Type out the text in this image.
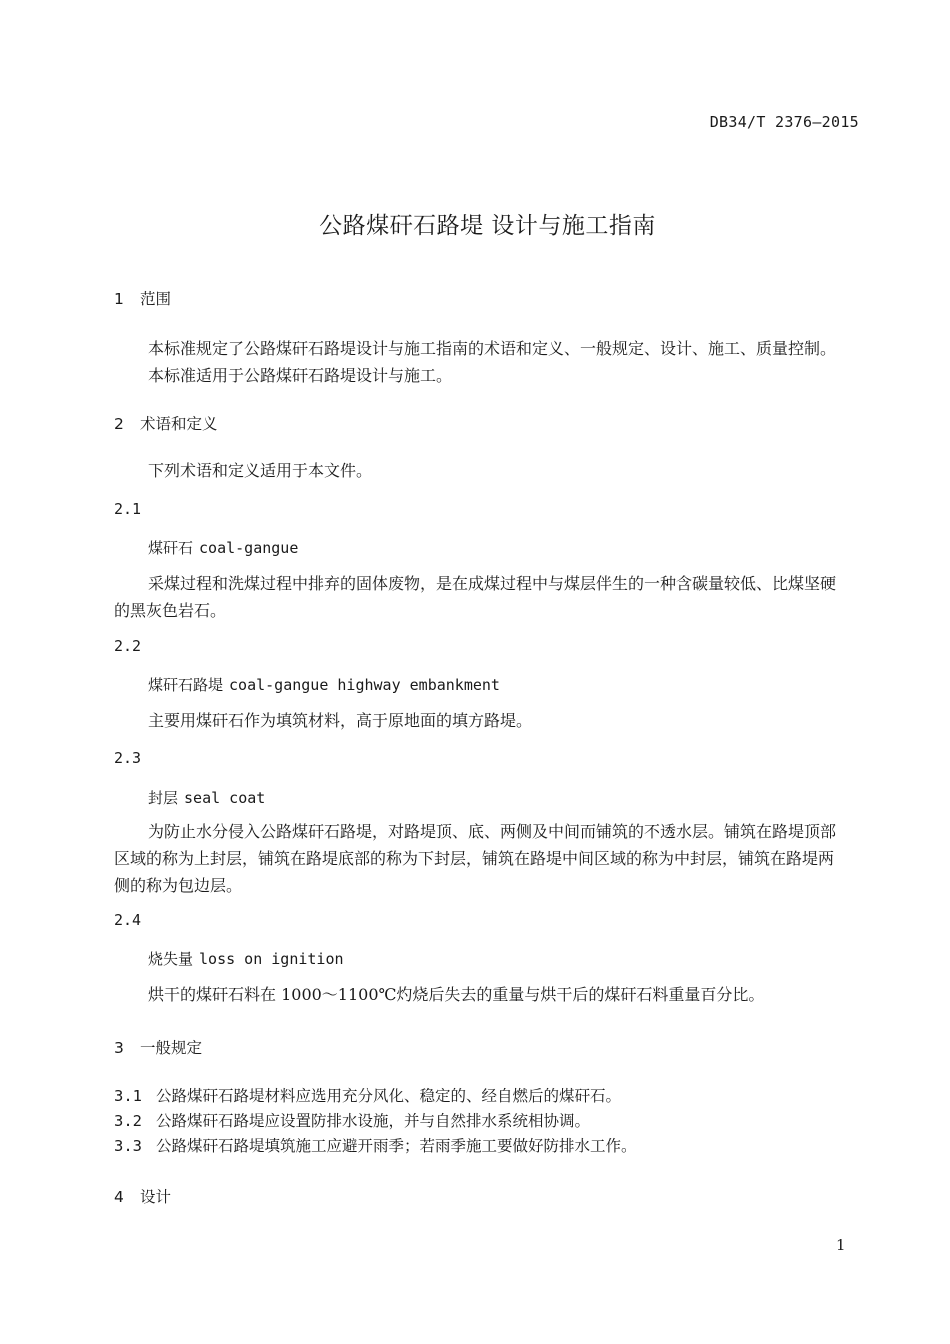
DB34/T 2376—2015
公路煤矸石路堤 设计与施工指南
1 范围
本标准规定了公路煤矸石路堤设计与施工指南的术语和定义、一般规定、设计、施工、质量控制。
本标准适用于公路煤矸石路堤设计与施工。
2 术语和定义
下列术语和定义适用于本文件。
2.1
煤矸石 coal-gangue
采煤过程和洗煤过程中排弃的固体废物，是在成煤过程中与煤层伴生的一种含碳量较低、比煤坚硬
的黑灰色岩石。
2.2
煤矸石路堤 coal-gangue highway embankment
主要用煤矸石作为填筑材料，高于原地面的填方路堤。
2.3
封层 seal coat
为防止水分侵入公路煤矸石路堤，对路堤顶、底、两侧及中间而铺筑的不透水层。铺筑在路堤顶部
区域的称为上封层，铺筑在路堤底部的称为下封层，铺筑在路堤中间区域的称为中封层，铺筑在路堤两
侧的称为包边层。
2.4
烧失量 loss on ignition
烘干的煤矸石料在 1000～1100℃灼烧后失去的重量与烘干后的煤矸石料重量百分比。
3 一般规定
3.1 公路煤矸石路堤材料应选用充分风化、稳定的、经自燃后的煤矸石。
3.2 公路煤矸石路堤应设置防排水设施，并与自然排水系统相协调。
3.3 公路煤矸石路堤填筑施工应避开雨季；若雨季施工要做好防排水工作。
4 设计
1
